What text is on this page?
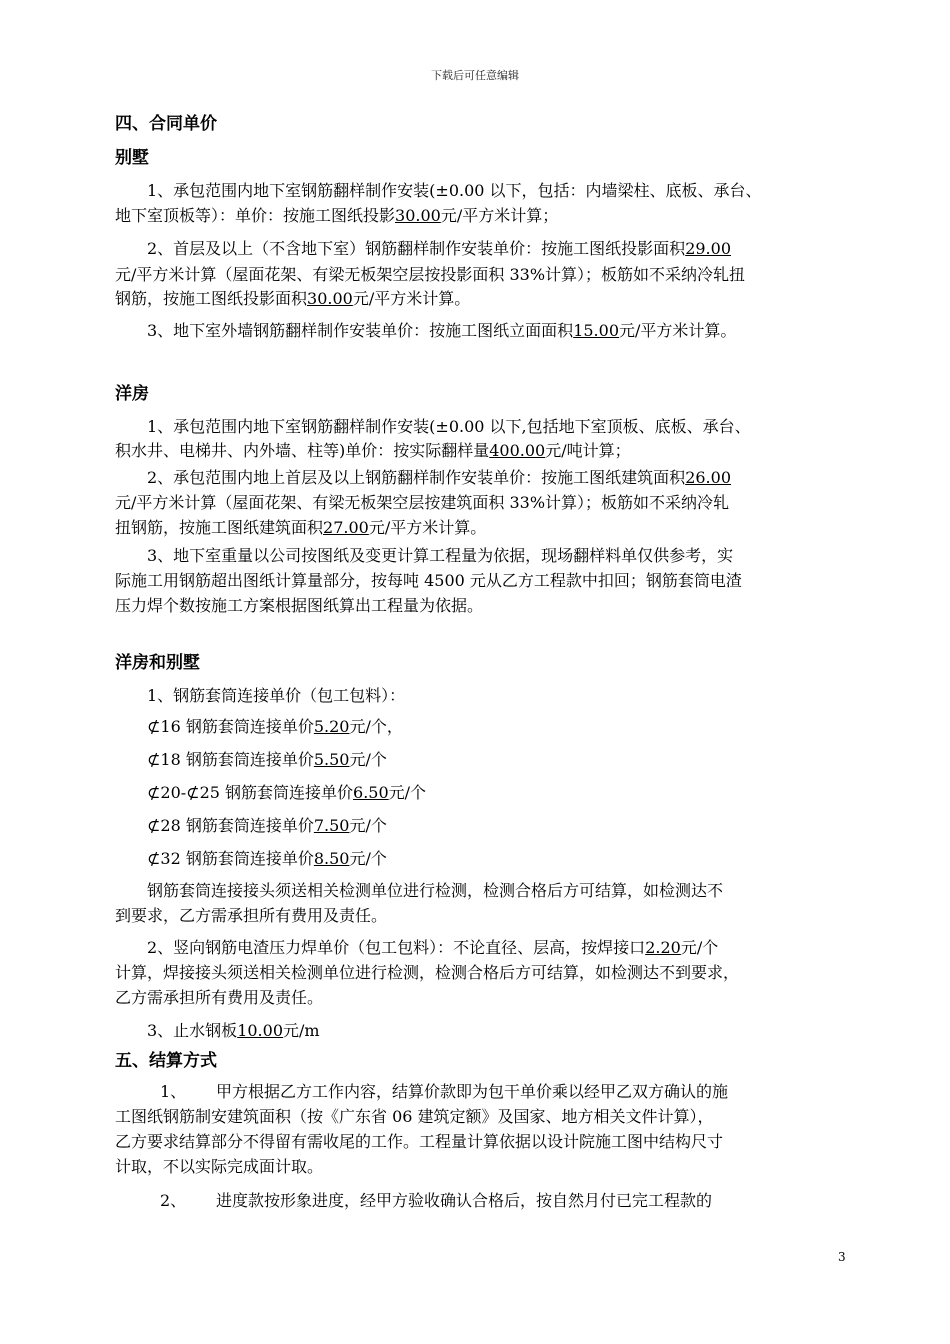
下载后可任意编辑
四、合同单价
别墅
1、承包范围内地下室钢筋翻样制作安装(±0.00 以下，包括：内墙梁柱、底板、承台、
地下室顶板等）：单价：按施工图纸投影30.00元/平方米计算；
2、首层及以上（不含地下室）钢筋翻样制作安装单价：按施工图纸投影面积29.00
元/平方米计算（屋面花架、有梁无板架空层按投影面积 33%计算）；板筋如不采纳冷轧扭
钢筋，按施工图纸投影面积30.00元/平方米计算。
3、地下室外墙钢筋翻样制作安装单价：按施工图纸立面面积15.00元/平方米计算。
洋房
1、承包范围内地下室钢筋翻样制作安装(±0.00 以下,包括地下室顶板、底板、承台、
积水井、电梯井、内外墙、柱等)单价：按实际翻样量400.00元/吨计算；
2、承包范围内地上首层及以上钢筋翻样制作安装单价：按施工图纸建筑面积26.00
元/平方米计算（屋面花架、有梁无板架空层按建筑面积 33%计算）；板筋如不采纳冷轧
扭钢筋，按施工图纸建筑面积27.00元/平方米计算。
3、地下室重量以公司按图纸及变更计算工程量为依据，现场翻样料单仅供参考，实
际施工用钢筋超出图纸计算量部分，按每吨 4500 元从乙方工程款中扣回；钢筋套筒电渣
压力焊个数按施工方案根据图纸算出工程量为依据。
洋房和别墅
1、钢筋套筒连接单价（包工包料）：
⊄16 钢筋套筒连接单价5.20元/个，
⊄18 钢筋套筒连接单价5.50元/个
⊄20-⊄25 钢筋套筒连接单价6.50元/个
⊄28 钢筋套筒连接单价7.50元/个
⊄32 钢筋套筒连接单价8.50元/个
钢筋套筒连接接头须送相关检测单位进行检测，检测合格后方可结算，如检测达不
到要求，乙方需承担所有费用及责任。
2、竖向钢筋电渣压力焊单价（包工包料）：不论直径、层高，按焊接口2.20元/个
计算，焊接接头须送相关检测单位进行检测，检测合格后方可结算，如检测达不到要求，
乙方需承担所有费用及责任。
3、止水钢板10.00元/m
五、结算方式
1、 甲方根据乙方工作内容，结算价款即为包干单价乘以经甲乙双方确认的施
工图纸钢筋制安建筑面积（按《广东省 06 建筑定额》及国家、地方相关文件计算），
乙方要求结算部分不得留有需收尾的工作。工程量计算依据以设计院施工图中结构尺寸
计取，不以实际完成面计取。
2、 进度款按形象进度，经甲方验收确认合格后，按自然月付已完工程款的
3
